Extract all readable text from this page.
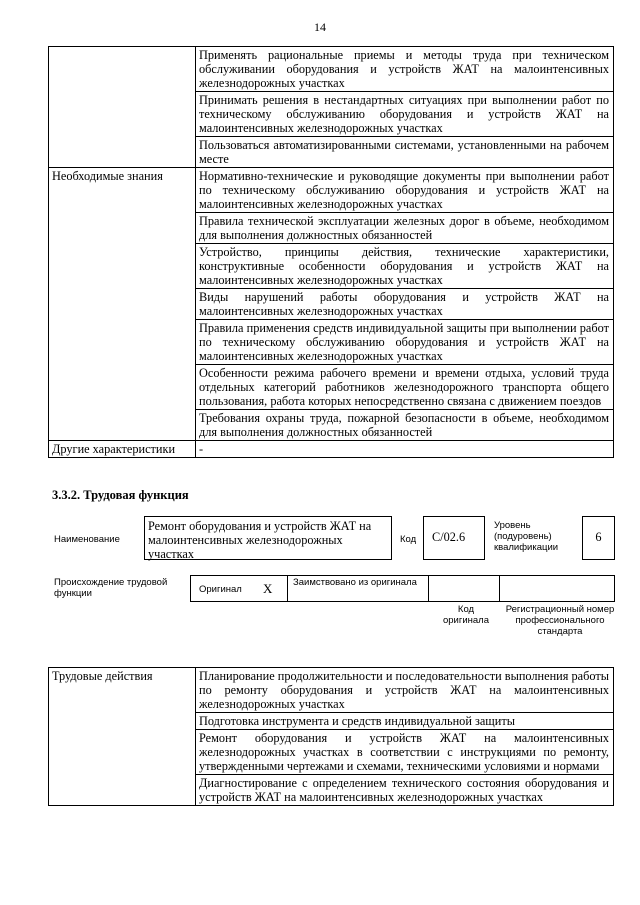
14
	Применять рациональные приемы и методы труда при техническом обслуживании оборудования и устройств ЖАТ на малоинтенсивных железнодорожных участках
	Принимать решения в нестандартных ситуациях при выполнении работ по техническому обслуживанию оборудования и устройств ЖАТ на малоинтенсивных железнодорожных участках
	Пользоваться автоматизированными системами, установленными на рабочем месте
Необходимые знания	Нормативно-технические и руководящие документы при выполнении работ по техническому обслуживанию оборудования и устройств ЖАТ на малоинтенсивных железнодорожных участках
	Правила технической эксплуатации железных дорог в объеме, необходимом для выполнения должностных обязанностей
	Устройство, принципы действия, технические характеристики, конструктивные особенности оборудования и устройств ЖАТ на малоинтенсивных железнодорожных участках
	Виды нарушений работы оборудования и устройств ЖАТ на малоинтенсивных железнодорожных участках
	Правила применения средств индивидуальной защиты при выполнении работ по техническому обслуживанию оборудования и устройств ЖАТ на малоинтенсивных железнодорожных участках
	Особенности режима рабочего времени и времени отдыха, условий труда отдельных категорий работников железнодорожного транспорта общего пользования, работа которых непосредственно связана с движением поездов
	Требования охраны труда, пожарной безопасности в объеме, необходимом для выполнения должностных обязанностей
Другие характеристики	-
3.3.2. Трудовая функция
Наименование
Ремонт оборудования и устройств ЖАТ на малоинтенсивных железнодорожных участках
Код	С/02.6
Уровень (подуровень) квалификации
6
Происхождение трудовой функции	Оригинал X Заимствовано из оригинала
Код оригинала
Регистрационный номер профессионального стандарта
Трудовые действия	Планирование продолжительности и последовательности выполнения работы по ремонту оборудования и устройств ЖАТ на малоинтенсивных железнодорожных участках
Подготовка инструмента и средств индивидуальной защиты
Ремонт оборудования и устройств ЖАТ на малоинтенсивных железнодорожных участках в соответствии с инструкциями по ремонту, утвержденными чертежами и схемами, техническими условиями и нормами
Диагностирование с определением технического состояния оборудования и устройств ЖАТ на малоинтенсивных железнодорожных участках
